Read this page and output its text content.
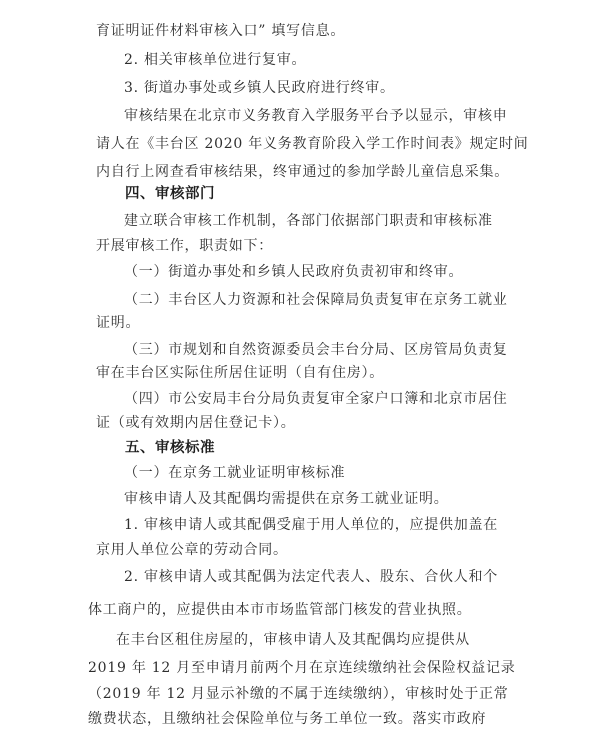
育证明证件材料审核入口” 填写信息。
2. 相关审核单位进行复审。
3. 街道办事处或乡镇人民政府进行终审。
审核结果在北京市义务教育入学服务平台予以显示，审核申
请人在《丰台区 2020 年义务教育阶段入学工作时间表》规定时间
内自行上网查看审核结果，终审通过的参加学龄儿童信息采集。
四、审核部门
建立联合审核工作机制，各部门依据部门职责和审核标准
开展审核工作，职责如下：
（一）街道办事处和乡镇人民政府负责初审和终审。
（二）丰台区人力资源和社会保障局负责复审在京务工就业
证明。
（三）市规划和自然资源委员会丰台分局、区房管局负责复
审在丰台区实际住所居住证明（自有住房）。
（四）市公安局丰台分局负责复审全家户口簿和北京市居住
证（或有效期内居住登记卡）。
五、审核标准
（一）在京务工就业证明审核标准
审核申请人及其配偶均需提供在京务工就业证明。
1. 审核申请人或其配偶受雇于用人单位的，应提供加盖在
京用人单位公章的劳动合同。
2. 审核申请人或其配偶为法定代表人、股东、合伙人和个
体工商户的，应提供由本市市场监管部门核发的营业执照。
在丰台区租住房屋的，审核申请人及其配偶均应提供从
2019 年 12 月至申请月前两个月在京连续缴纳社会保险权益记录
（2019 年 12 月显示补缴的不属于连续缴纳），审核时处于正常
缴费状态，且缴纳社会保险单位与务工单位一致。落实市政府
